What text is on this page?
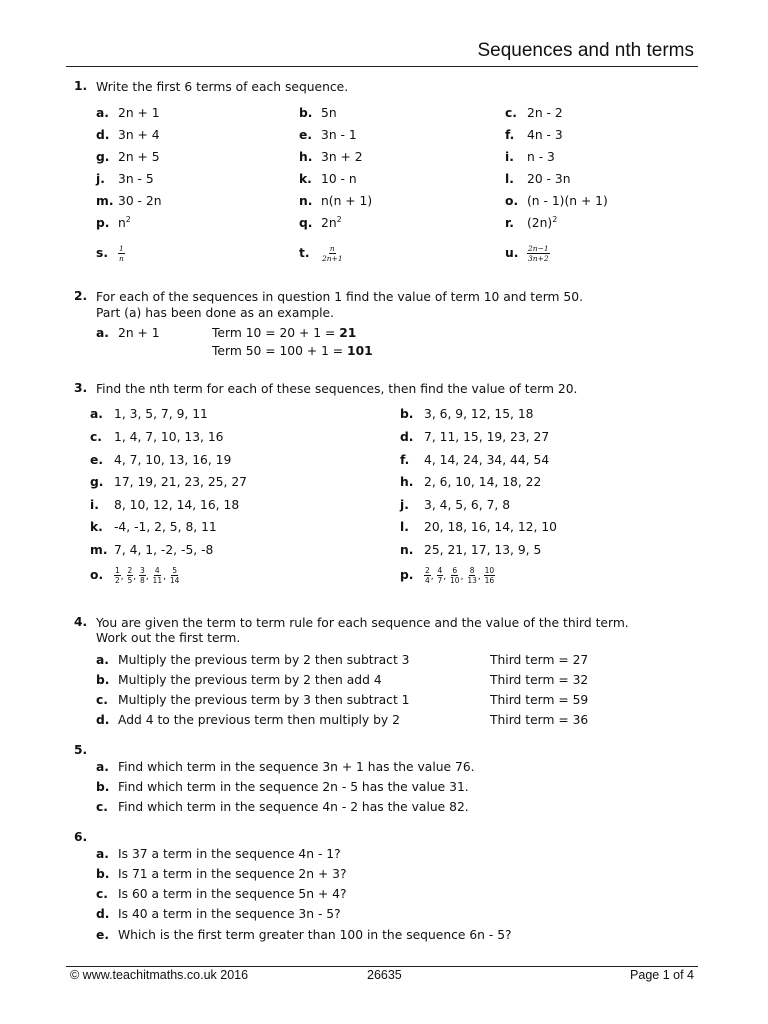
Sequences and nth terms
1. Write the first 6 terms of each sequence.
a. 2n + 1	b. 5n	c. 2n - 2
d. 3n + 4	e. 3n - 1	f. 4n - 3
g. 2n + 5	h. 3n + 2	i. n - 3
j. 3n - 5	k. 10 - n	l. 20 - 3n
m. 30 - 2n	n. n(n + 1)	o. (n - 1)(n + 1)
p. $n^2$	q. $2n^2$	r. $(2n)^2$
s. $\frac{1}{n}$	t. $\frac{n}{2n+1}$	u. $\frac{2n-1}{3n+2}$
2. For each of the sequences in question 1 find the value of term 10 and term 50.
Part (a) has been done as an example.
a. 2n + 1	Term 10 = 20 + 1 = 21
Term 50 = 100 + 1 = 101
3. Find the nth term for each of these sequences, then find the value of term 20.
a. 1, 3, 5, 7, 9, 11	b. 3, 6, 9, 12, 15, 18
c. 1, 4, 7, 10, 13, 16	d. 7, 11, 15, 19, 23, 27
e. 4, 7, 10, 13, 16, 19	f. 4, 14, 24, 34, 44, 54
g. 17, 19, 21, 23, 25, 27	h. 2, 6, 10, 14, 18, 22
i. 8, 10, 12, 14, 16, 18	j. 3, 4, 5, 6, 7, 8
k. -4, -1, 2, 5, 8, 11	l. 20, 18, 16, 14, 12, 10
m. 7, 4, 1, -2, -5, -8	n. 25, 21, 17, 13, 9, 5
o. $\frac{1}{2}$ , $\frac{2}{5}$ , $\frac{3}{8}$ , $\frac{4}{11}$ , $\frac{5}{14}$	p. $\frac{2}{4}$ , $\frac{4}{7}$ , $\frac{6}{10}$ , $\frac{8}{13}$ , $\frac{10}{16}$
4. You are given the term to term rule for each sequence and the value of the third term.
Work out the first term.
a. Multiply the previous term by 2 then subtract 3	Third term = 27
b. Multiply the previous term by 2 then add 4	Third term = 32
c. Multiply the previous term by 3 then subtract 1	Third term = 59
d. Add 4 to the previous term then multiply by 2	Third term = 36
5.
a. Find which term in the sequence 3n + 1 has the value 76.
b. Find which term in the sequence 2n - 5 has the value 31.
c. Find which term in the sequence 4n - 2 has the value 82.
6.
a. Is 37 a term in the sequence 4n - 1?
b. Is 71 a term in the sequence 2n + 3?
c. Is 60 a term in the sequence 5n + 4?
d. Is 40 a term in the sequence 3n - 5?
e. Which is the first term greater than 100 in the sequence 6n - 5?
© www.teachitmaths.co.uk 2016	26635	Page 1 of 4
